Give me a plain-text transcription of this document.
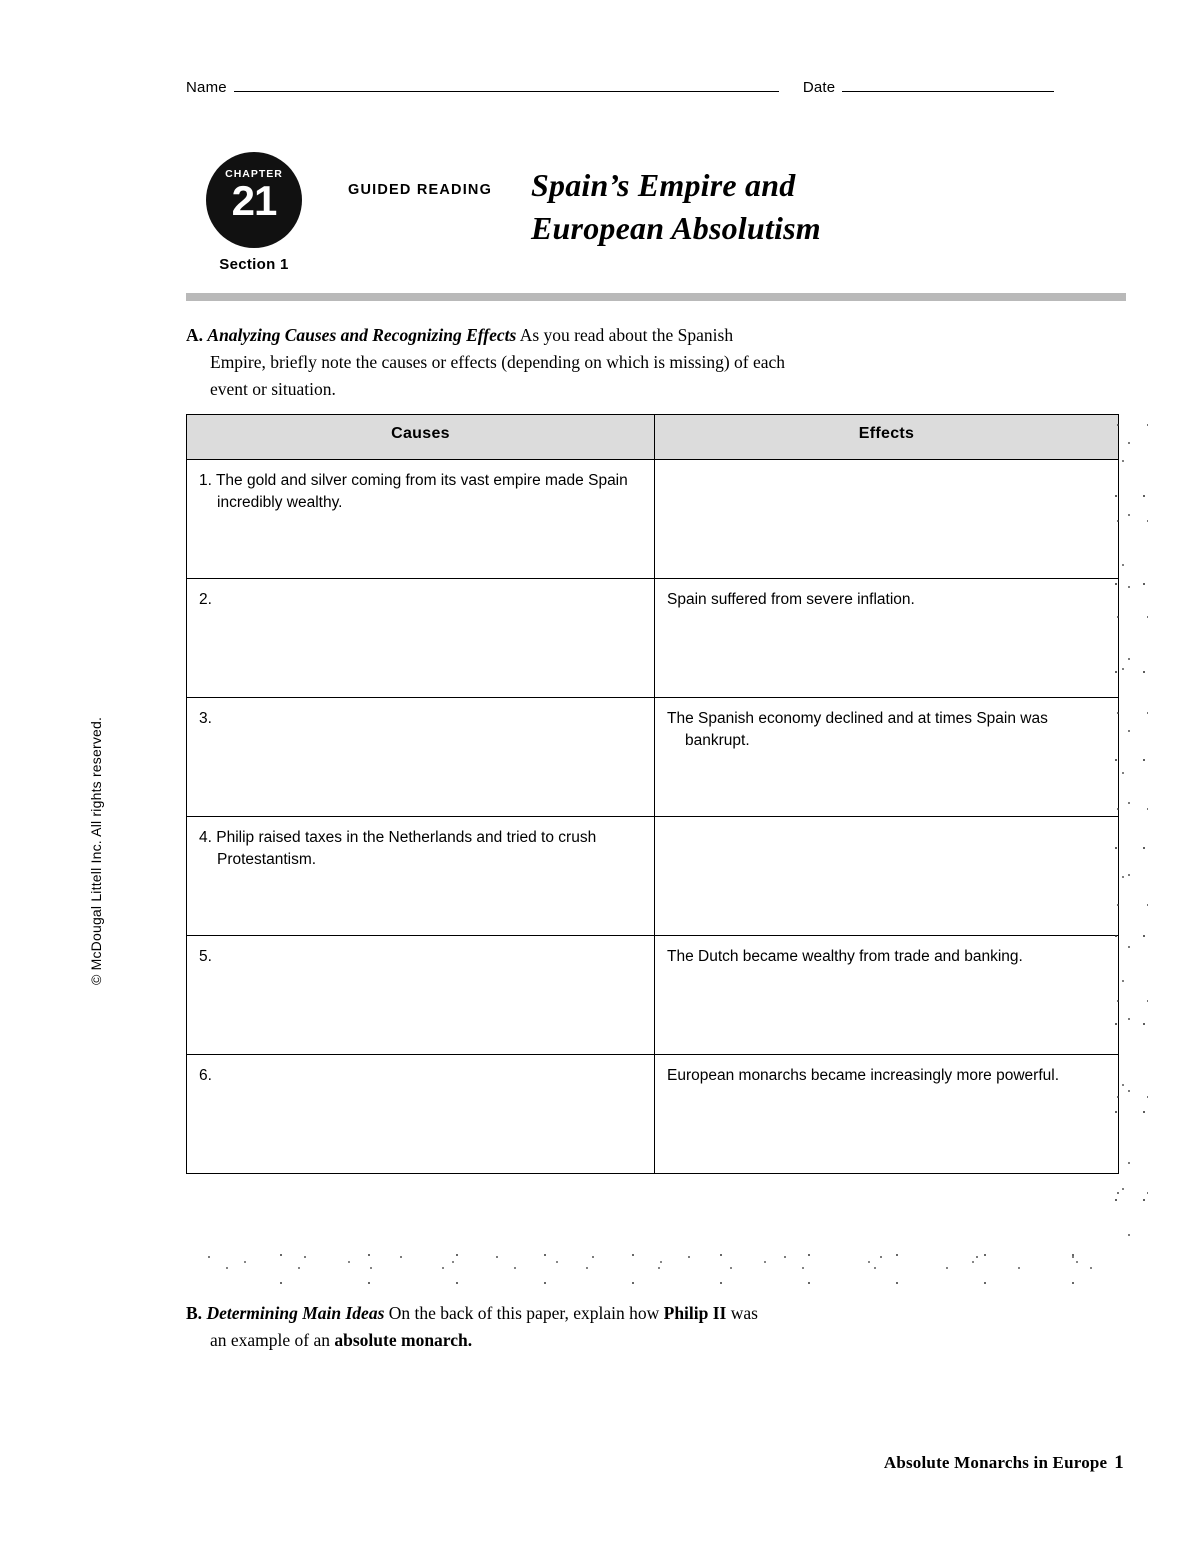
Name	Date
CHAPTER
21
Section 1
GUIDED READING Spain’s Empire and
European Absolutism
A. Analyzing Causes and Recognizing Effects As you read about the Spanish
Empire, briefly note the causes or effects (depending on which is missing) of each
event or situation.
Causes	Effects

1. The gold and silver coming from its vast empire made Spain incredibly wealthy.	

2.	Spain suffered from severe inflation.

3.	The Spanish economy declined and at times Spain was bankrupt.

4. Philip raised taxes in the Netherlands and tried to crush Protestantism.	

5.	The Dutch became wealthy from trade and banking.

6.	European monarchs became increasingly more powerful.
B. Determining Main Ideas On the back of this paper, explain how Philip II was
an example of an absolute monarch.
© McDougal Littell Inc. All rights reserved.
Absolute Monarchs in Europe 1
